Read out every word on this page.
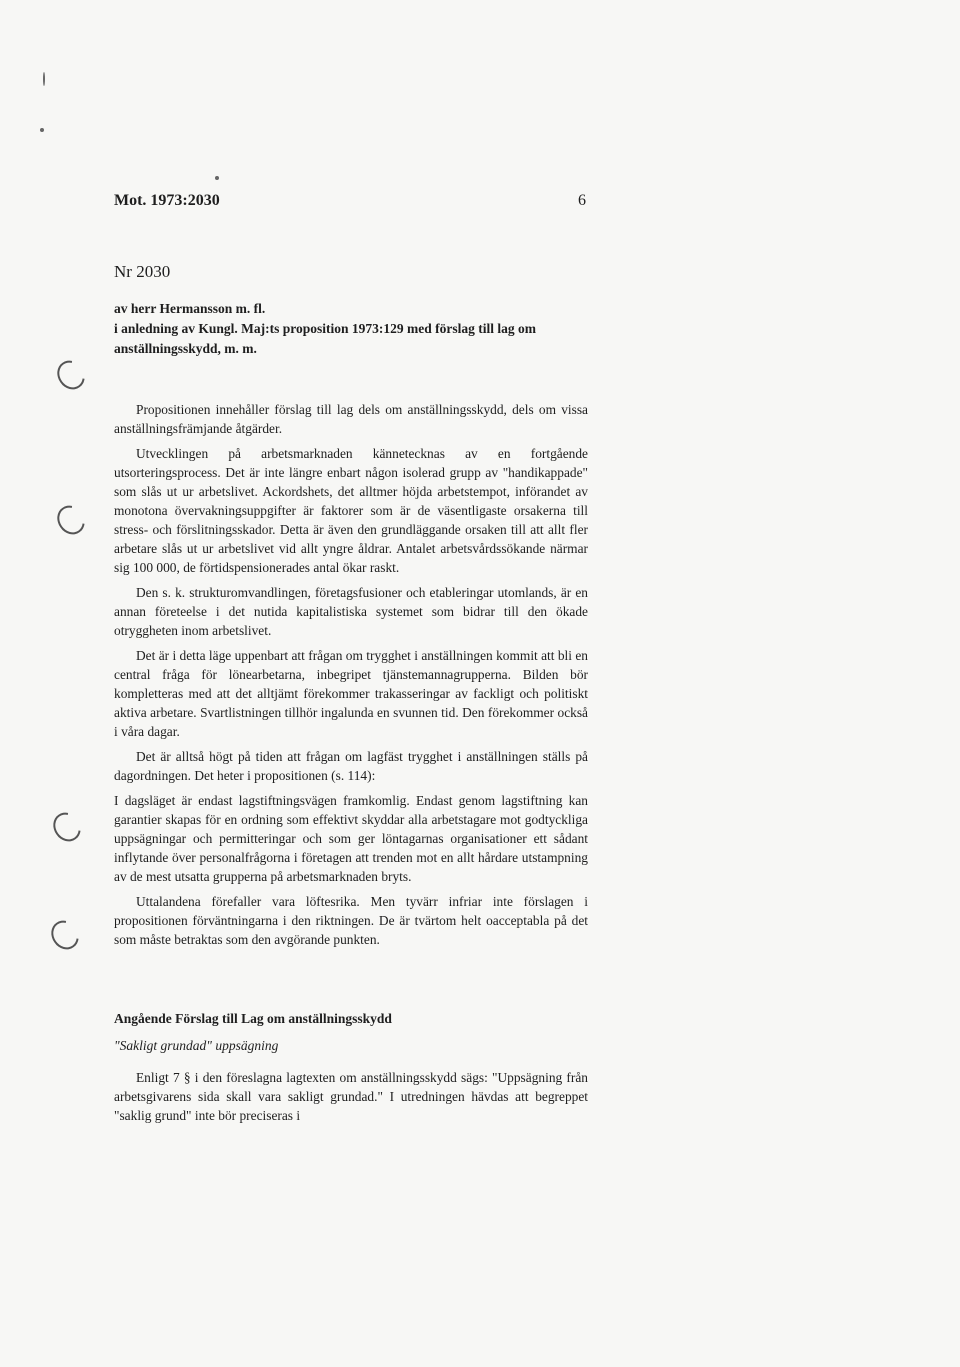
Mot. 1973:2030	6
Nr 2030
av herr Hermansson m. fl.
i anledning av Kungl. Maj:ts proposition 1973:129 med förslag till lag om
anställningsskydd, m. m.

Propositionen innehåller förslag till lag dels om anställningsskydd, dels om vissa anställningsfrämjande åtgärder.

Utvecklingen på arbetsmarknaden kännetecknas av en fortgående utsorteringsprocess. Det är inte längre enbart någon isolerad grupp av "handikappade" som slås ut ur arbetslivet. Ackordshets, det alltmer höjda arbetstempot, införandet av monotona övervakningsuppgifter är faktorer som är de väsentligaste orsakerna till stress- och förslitningsskador. Detta är även den grundläggande orsaken till att allt fler arbetare slås ut ur arbetslivet vid allt yngre åldrar. Antalet arbetsvårdssökande närmar sig 100 000, de förtidspensionerades antal ökar raskt.

Den s. k. strukturomvandlingen, företagsfusioner och etableringar utomlands, är en annan företeelse i det nutida kapitalistiska systemet som bidrar till den ökade otryggheten inom arbetslivet.

Det är i detta läge uppenbart att frågan om trygghet i anställningen kommit att bli en central fråga för lönearbetarna, inbegripet tjänstemannagrupperna. Bilden bör kompletteras med att det alltjämt förekommer trakasseringar av fackligt och politiskt aktiva arbetare. Svartlistningen tillhör ingalunda en svunnen tid. Den förekommer också i våra dagar.

Det är alltså högt på tiden att frågan om lagfäst trygghet i anställningen ställs på dagordningen. Det heter i propositionen (s. 114):

I dagsläget är endast lagstiftningsvägen framkomlig. Endast genom lagstiftning kan garantier skapas för en ordning som effektivt skyddar alla arbetstagare mot godtyckliga uppsägningar och permitteringar och som ger löntagarnas organisationer ett sådant inflytande över personalfrågorna i företagen att trenden mot en allt hårdare utstampning av de mest utsatta grupperna på arbetsmarknaden bryts.

Uttalandena förefaller vara löftesrika. Men tyvärr infriar inte förslagen i propositionen förväntningarna i den riktningen. De är tvärtom helt oacceptabla på det som måste betraktas som den avgörande punkten.

Angående Förslag till Lag om anställningsskydd
"Sakligt grundad" uppsägning

Enligt 7 § i den föreslagna lagtexten om anställningsskydd sägs: "Uppsägning från arbetsgivarens sida skall vara sakligt grundad." I utredningen hävdas att begreppet "saklig grund" inte bör preciseras i
